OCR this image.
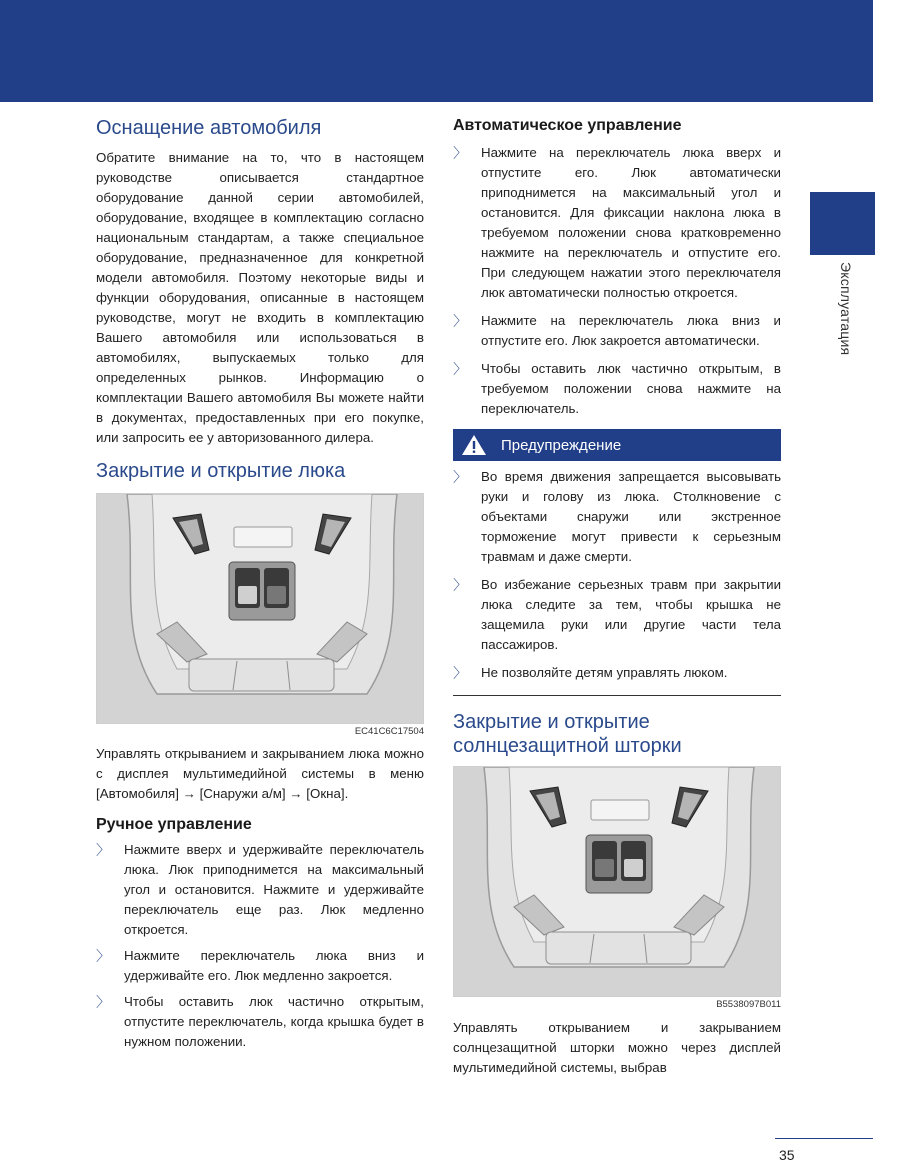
Эксплуатация
Оснащение автомобиля

Обратите внимание на то, что в настоящем руководстве описывается стандартное оборудование данной серии автомобилей, оборудование, входящее в комплектацию согласно национальным стандартам, а также специальное оборудование, предназначенное для конкретной модели автомобиля. Поэтому некоторые виды и функции оборудования, описанные в настоящем руководстве, могут не входить в комплектацию Вашего автомобиля или использоваться в автомобилях, выпускаемых только для определенных рынков. Информацию о комплектации Вашего автомобиля Вы можете найти в документах, предоставленных при его покупке, или запросить ее у авторизованного дилера.

Закрытие и открытие люка
EC41C6C17504

Управлять открыванием и закрыванием люка можно с дисплея мультимедийной системы в меню [Автомобиля] → [Снаружи а/м] → [Окна].

Ручное управление
〉 Нажмите вверх и удерживайте переключатель люка. Люк приподнимется на максимальный угол и остановится. Нажмите и удерживайте переключатель еще раз. Люк медленно откроется.
〉 Нажмите переключатель люка вниз и удерживайте его. Люк медленно закроется.
〉 Чтобы оставить люк частично открытым, отпустите переключатель, когда крышка будет в нужном положении.
Автоматическое управление
〉 Нажмите на переключатель люка вверх и отпустите его. Люк автоматически приподнимется на максимальный угол и остановится. Для фиксации наклона люка в требуемом положении снова кратковременно нажмите на переключатель и отпустите его. При следующем нажатии этого переключателя люк автоматически полностью откроется.
〉 Нажмите на переключатель люка вниз и отпустите его. Люк закроется автоматически.
〉 Чтобы оставить люк частично открытым, в требуемом положении снова нажмите на переключатель.
Предупреждение
〉 Во время движения запрещается высовывать руки и голову из люка. Столкновение с объектами снаружи или экстренное торможение могут привести к серьезным травмам и даже смерти.
〉 Во избежание серьезных травм при закрытии люка следите за тем, чтобы крышка не защемила руки или другие части тела пассажиров.
〉 Не позволяйте детям управлять люком.
Закрытие и открытие солнцезащитной шторки
B5538097B011

Управлять открыванием и закрыванием солнцезащитной шторки можно через дисплей мультимедийной системы, выбрав

35
